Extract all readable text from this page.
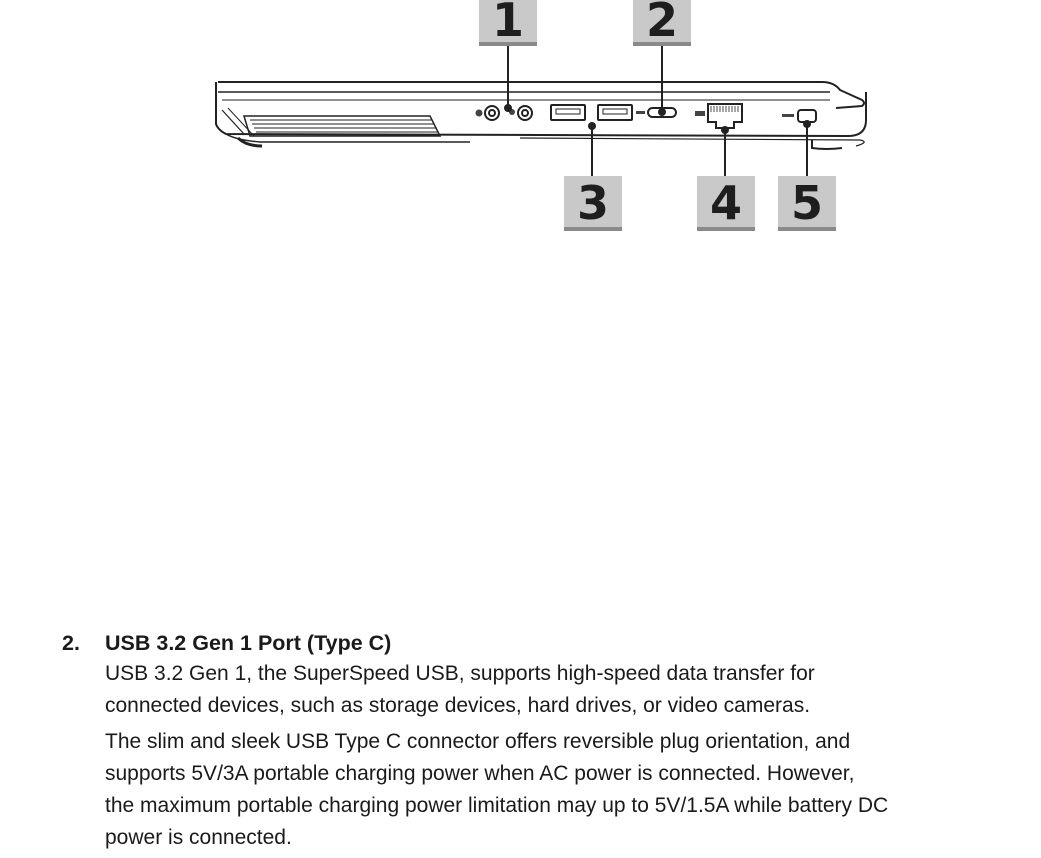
1	2
3 4 5
2.	USB 3.2 Gen 1 Port (Type C)

USB 3.2 Gen 1, the SuperSpeed USB, supports high-speed data transfer for
connected devices, such as storage devices, hard drives, or video cameras.

The slim and sleek USB Type C connector offers reversible plug orientation, and
supports 5V/3A portable charging power when AC power is connected. However,
the maximum portable charging power limitation may up to 5V/1.5A while battery DC
power is connected.
